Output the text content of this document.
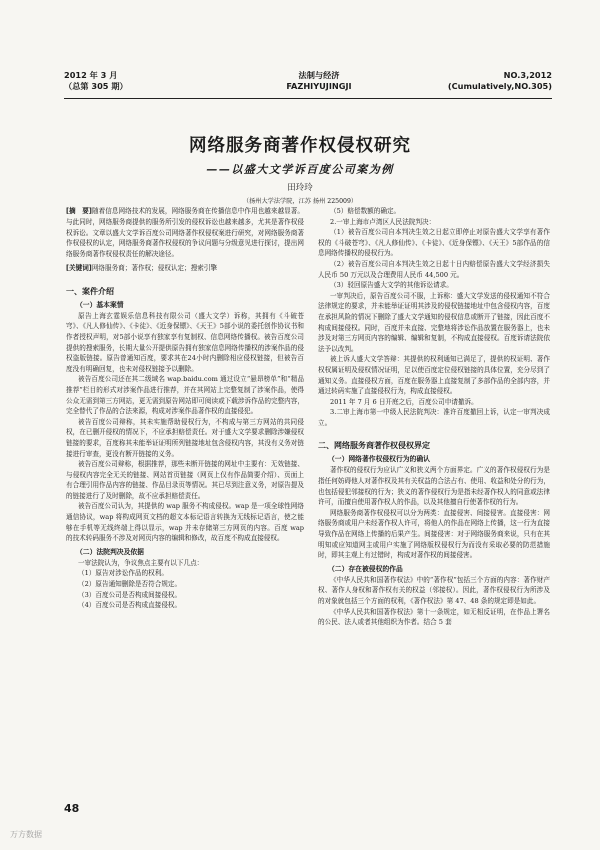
2012 年 3 月
（总第 305 期）
法制与经济
FAZHIYUJINGJI
NO.3,2012
(Cumulatively,NO.305)
网络服务商著作权侵权研究
——以盛大文学诉百度公司案为例
田玲玲
（扬州大学法学院，江苏 扬州 225009）
[摘　要]随着信息网络技术的发展，网络服务商在传播信息中作用也越来越显著。与此同时，网络服务商提供的服务所引发的侵权诉讼也越来越多，尤其是著作权侵权诉讼。文章以盛大文学诉百度公司网络著作权侵权案进行研究，对网络服务商著作权侵权的认定，网络服务商著作权侵权的争议问题与分级意见进行探讨，提出网络服务商著作权侵权责任的解决途径。
[关键词]网络服务商；著作权；侵权认定；搜索引擎
一、案件介绍
（一）基本案情

原告上海玄霆娱乐信息科技有限公司（盛大文学）诉称，其拥有《斗破苍穹》、《凡人修仙传》、《卡徒》、《近身保镖》、《天王》5部小说的委托创作协议书和作者授权声明，对5部小说享有独家享有复制权、信息网络传播权。被告百度公司提供的搜索服务，长期大量公开提供原告拥有独家信息网络传播权的涉案作品的侵权盗版链接。原告曾通知百度，要求其在24小时内删除相应侵权链接，但被告百度没有明确回复，也未对侵权链接予以删除。

被告百度公司还在其二级域名 wap.baidu.com 通过设立“悬昂榜单”和“精品推荐”栏目的形式对涉案作品进行推荐，并在其网站上完整复制了涉案作品，使得公众无需到第三方网站，更无需到原告网站即可阅读或下载涉诉作品的完整内容，完全替代了作品的合法来源，构成对涉案作品著作权的直接侵犯。

被告百度公司辩称，其未实施帮助侵权行为，不构成与第三方网站的共同侵权，在已删开侵权的情况下，不应承担赔偿责任。对于盛大文学要求删除涉嫌侵权链接的要求，百度称其未能举证证明所列链接地址包含侵权内容，其没有义务对链接进行审查，更没有断开链接的义务。

被告百度公司辩称，根据推荐，那些未断开链接的网址中主要有：无效链接、与侵权内容完全无关的链接、网站首页链接（网页上仅有作品简要介绍）、页面上有合理引用作品内容的链接、作品目录页等情况。其已尽到注意义务，对原告提及的链接进行了及时删除，故不应承担赔偿责任。

被告百度公司认为，其提供的 wap 服务不构成侵权。wap 是一项全球性网络通信协议，wap 将构成网页文档的超文本标记语言转换为无线标记语言，使之能够在手机等无线终端上得以显示，wap 并未存储第三方网页的内容。百度 wap 的技术转码服务不涉及对网页内容的编辑和修改，故百度不构成直接侵权。

（二）法院判决及依据

一审法院认为，争议焦点主要有以下几点：

（1）原告对涉讼作品的权利。

（2）原告通知删除是否符合规定。

（3）百度公司是否构成间接侵权。

（4）百度公司是否构成直接侵权。

（5）赔偿数额的确定。

2.一审上海市卢湾区人民法院判决：

（1）被告百度公司自本判决生效之日起立即停止对原告盛大文学享有著作权的《斗破苍穹》、《凡人修仙传》、《卡徒》、《近身保镖》、《天王》5部作品的信息网络传播权的侵权行为。

（2）被告百度公司自本判决生效之日起十日内赔偿原告盛大文学经济损失人民币 50 万元以及合理费用人民币 44,500 元。

（3）驳回原告盛大文学的其他诉讼请求。

一审判决后，原告百度公司不服，上诉称：盛大文学发送的侵权通知不符合法律规定的要求，并未能举证证明其涉及的侵权链接地址中包含侵权内容，百度在承担风险的情况下删除了盛大文学通知的侵权信息或断开了链接，因此百度不构成间接侵权。同时，百度并未直接、完整地将涉讼作品放置在服务器上，也未涉及对第三方网页内容的编辑、编辑和复制，不构成直接侵权。百度诉请法院依法予以改判。

被上诉人盛大文学答辩：其提供的权利通知已满足了，提供的权证明、著作权权属证明及侵权情况证明，足以使百度定位侵权链接的具体位置，充分尽到了通知义务。直接侵权方面，百度在服务器上直接复制了多部作品的全部内容，并通过转码实施了直接侵权行为，构成直接侵权。

2011 年 7 月 6 日开庭之后，百度公司申请撤诉。

3.二审上海市第一中级人民法院判决：准许百度撤回上诉，认定一审判决成立。

二、网络服务商著作权侵权界定
（一）网络著作权侵权行为的确认

著作权的侵权行为应认广义和狭义两个方面界定。广义的著作权侵权行为是指任何妨碍他人对著作权及其有关权益的合法占有、使用、收益和处分的行为，也包括侵犯邻接权的行为；狭义的著作侵权行为是指未经著作权人的同意或法律许可，而擅自使用著作权人的作品，以及其他擅自行使著作权的行为。

网络服务商著作权侵权可以分为两类：直接侵害、间接侵害。直接侵害：网络服务商或用户未经著作权人许可，将他人的作品在网络上传播，这一行为直接导致作品在网络上传播的后果产生。间接侵害：对于网络服务商来说，只有在其明知或应知道网主或用户实施了网络版权侵权行为而没有采取必要的防范措施时，即其主观上有过错时，构成对著作权的间接侵害。

（二）存在被侵权的作品

《中华人民共和国著作权法》中的“著作权”包括三个方面的内容：著作财产权、著作人身权和著作权有关的权益（邻接权）。因此，著作权侵权行为所涉及的对象就包括三个方面的权利，《著作权法》第 47、48 条的规定即是如此。

《中华人民共和国著作权法》第十一条规定，如无相反证明，在作品上署名的公民、法人或者其他组织为作者。结合 5 套

48
万方数据
